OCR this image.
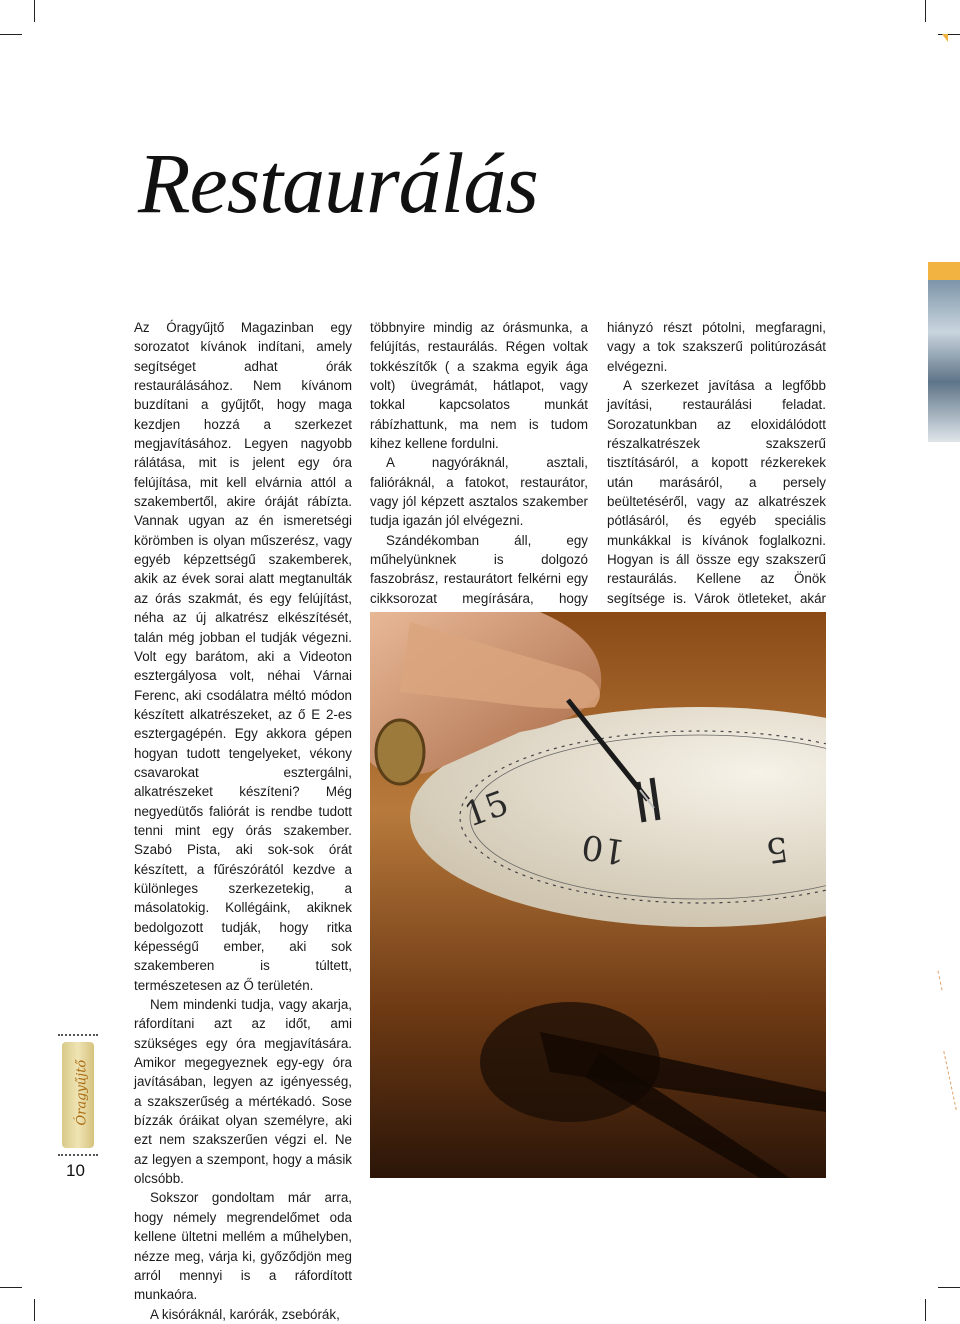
Restaurálás

Az Óragyűjtő Magazinban egy sorozatot kívánok indítani, amely segítséget adhat órák restaurálásához. Nem kívánom buzdítani a gyűjtőt, hogy maga kezdjen hozzá a szerkezet megjavításához. Legyen nagyobb rálátása, mit is jelent egy óra felújítása, mit kell elvárnia attól a szakembertől, akire óráját rábízta. Vannak ugyan az én ismeretségi körömben is olyan műszerész, vagy egyéb képzettségű szakemberek, akik az évek sorai alatt megtanulták az órás szakmát, és egy felújítást, néha az új alkatrész elkészítését, talán még jobban el tudják végezni. Volt egy barátom, aki a Videoton esztergályosa volt, néhai Várnai Ferenc, aki csodálatra méltó módon készített alkatrészeket, az ő E 2-es esztergagépén. Egy akkora gépen hogyan tudott tengelyeket, vékony csavarokat esztergálni, alkatrészeket készíteni? Még negyedütős faliórát is rendbe tudott tenni mint egy órás szakember. Szabó Pista, aki sok-sok órát készített, a fűrészórától kezdve a különleges szerkezetekig, a másolatokig. Kollégáink, akiknek bedolgozott tudják, hogy ritka képességű ember, aki sok szakemberen is túltett, természetesen az Ő területén.

Nem mindenki tudja, vagy akarja, ráfordítani azt az időt, ami szükséges egy óra megjavítására. Amikor megegyeznek egy-egy óra javításában, legyen az igényesség, a szakszerűség a mértékadó. Sose bízzák óráikat olyan személyre, aki ezt nem szakszerűen végzi el. Ne az legyen a szempont, hogy a másik olcsóbb.

Sokszor gondoltam már arra, hogy némely megrendelőmet oda kellene ültetni mellém a műhelyben, nézze meg, várja ki, győződjön meg arról mennyi is a ráfordított munkaóra.

A kisóráknál, karórák, zsebórák,

többnyire mindig az órásmunka, a felújítás, restaurálás. Régen voltak tokkészítők ( a szakma egyik ága volt) üvegrámát, hátlapot, vagy tokkal kapcsolatos munkát rábízhattunk, ma nem is tudom kihez kellene fordulni.

A nagyóráknál, asztali, falióráknál, a fatokot, restaurátor, vagy jól képzett asztalos szakember tudja igazán jól elvégezni.

Szándékomban áll, egy műhelyünknek is dolgozó faszobrász, restaurátort felkérni egy cikksorozat megírására, hogy

hiányzó részt pótolni, megfaragni, vagy a tok szakszerű politúrozását elvégezni.

A szerkezet javítása a legfőbb javítási, restaurálási feladat. Sorozatunkban az eloxidálódott részalkatrészek szakszerű tisztításáról, a kopott rézkerekek után marásáról, a persely beültetéséről, vagy az alkatrészek pótlásáról, és egyéb speciális munkákkal is kívánok foglalkozni. Hogyan is áll össze egy szakszerű restaurálás. Kellene az Önök segítsége is. Várok ötleteket, akár

15
10	5
Óragyűjtő
10
